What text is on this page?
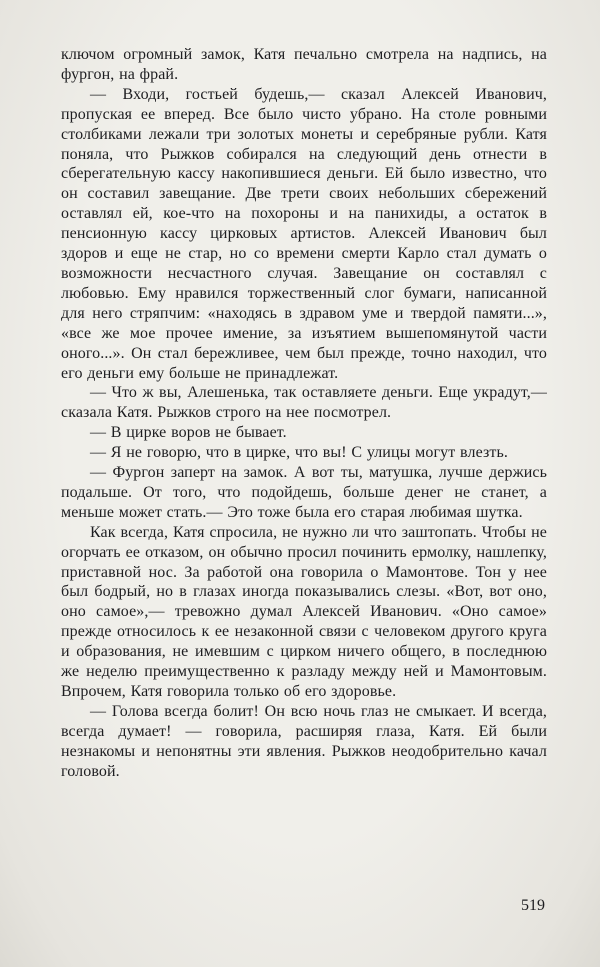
ключом огромный замок, Катя печально смотрела на надпись, на фургон, на фрай.

— Входи, гостьей будешь,— сказал Алексей Иванович, пропуская ее вперед. Все было чисто убрано. На столе ровными столбиками лежали три золотых монеты и серебряные рубли. Катя поняла, что Рыжков собирался на следующий день отнести в сберегательную кассу накопившиеся деньги. Ей было известно, что он составил завещание. Две трети своих небольших сбережений оставлял ей, кое-что на похороны и на панихиды, а остаток в пенсионную кассу цирковых артистов. Алексей Иванович был здоров и еще не стар, но со времени смерти Карло стал думать о возможности несчастного случая. Завещание он составлял с любовью. Ему нравился торжественный слог бумаги, написанной для него стряпчим: «находясь в здравом уме и твердой памяти...», «все же мое прочее имение, за изъятием вышепомянутой части оного...». Он стал бережливее, чем был прежде, точно находил, что его деньги ему больше не принадлежат.

— Что ж вы, Алешенька, так оставляете деньги. Еще украдут,— сказала Катя. Рыжков строго на нее посмотрел.

— В цирке воров не бывает.

— Я не говорю, что в цирке, что вы! С улицы могут влезть.

— Фургон заперт на замок. А вот ты, матушка, лучше держись подальше. От того, что подойдешь, больше денег не станет, а меньше может стать.— Это тоже была его старая любимая шутка.

Как всегда, Катя спросила, не нужно ли что заштопать. Чтобы не огорчать ее отказом, он обычно просил починить ермолку, нашлепку, приставной нос. За работой она говорила о Мамонтове. Тон у нее был бодрый, но в глазах иногда показывались слезы. «Вот, вот оно, оно самое»,— тревожно думал Алексей Иванович. «Оно самое» прежде относилось к ее незаконной связи с человеком другого круга и образования, не имевшим с цирком ничего общего, в последнюю же неделю преимущественно к разладу между ней и Мамонтовым. Впрочем, Катя говорила только об его здоровье.

— Голова всегда болит! Он всю ночь глаз не смыкает. И всегда, всегда думает! — говорила, расширяя глаза, Катя. Ей были незнакомы и непонятны эти явления. Рыжков неодобрительно качал головой.

519
